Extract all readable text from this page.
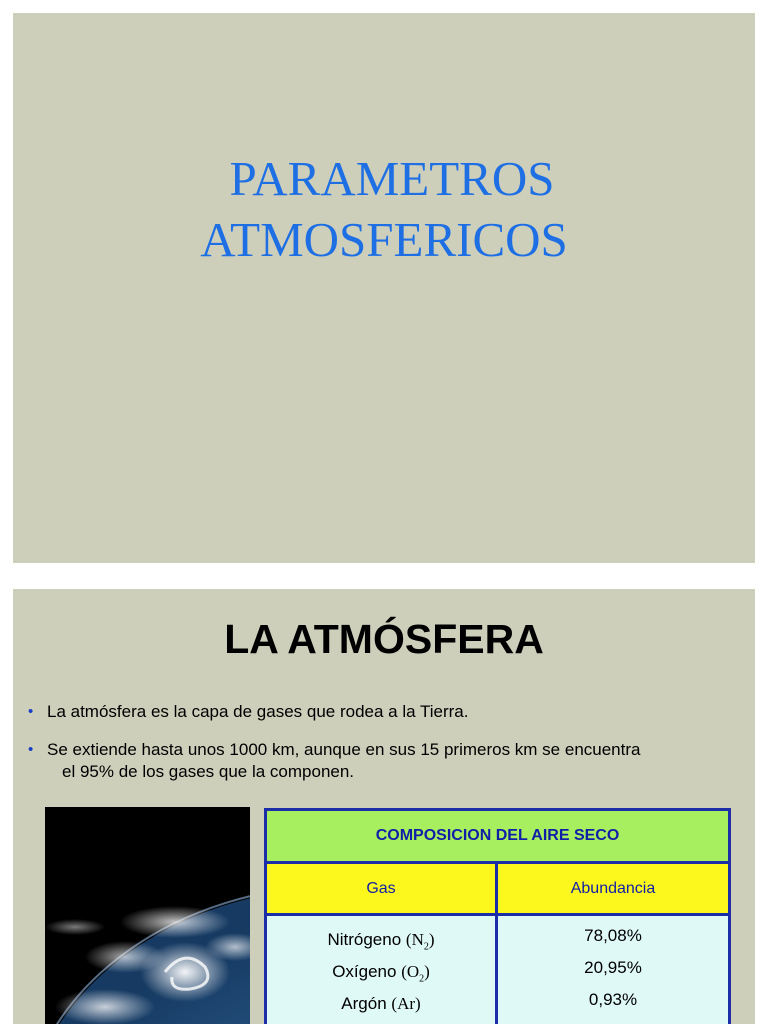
PARAMETROS
ATMOSFERICOS
LA ATMÓSFERA
• La atmósfera es la capa de gases que rodea a la Tierra.
• Se extiende hasta unos 1000 km, aunque en sus 15 primeros km se encuentra
el 95% de los gases que la componen.
COMPOSICION DEL AIRE SECO
Gas	Abundancia
Nitrógeno $(N_2)$	78,08%
Oxígeno $(O_2)$	20,95%
Argón (Ar)	0,93%
